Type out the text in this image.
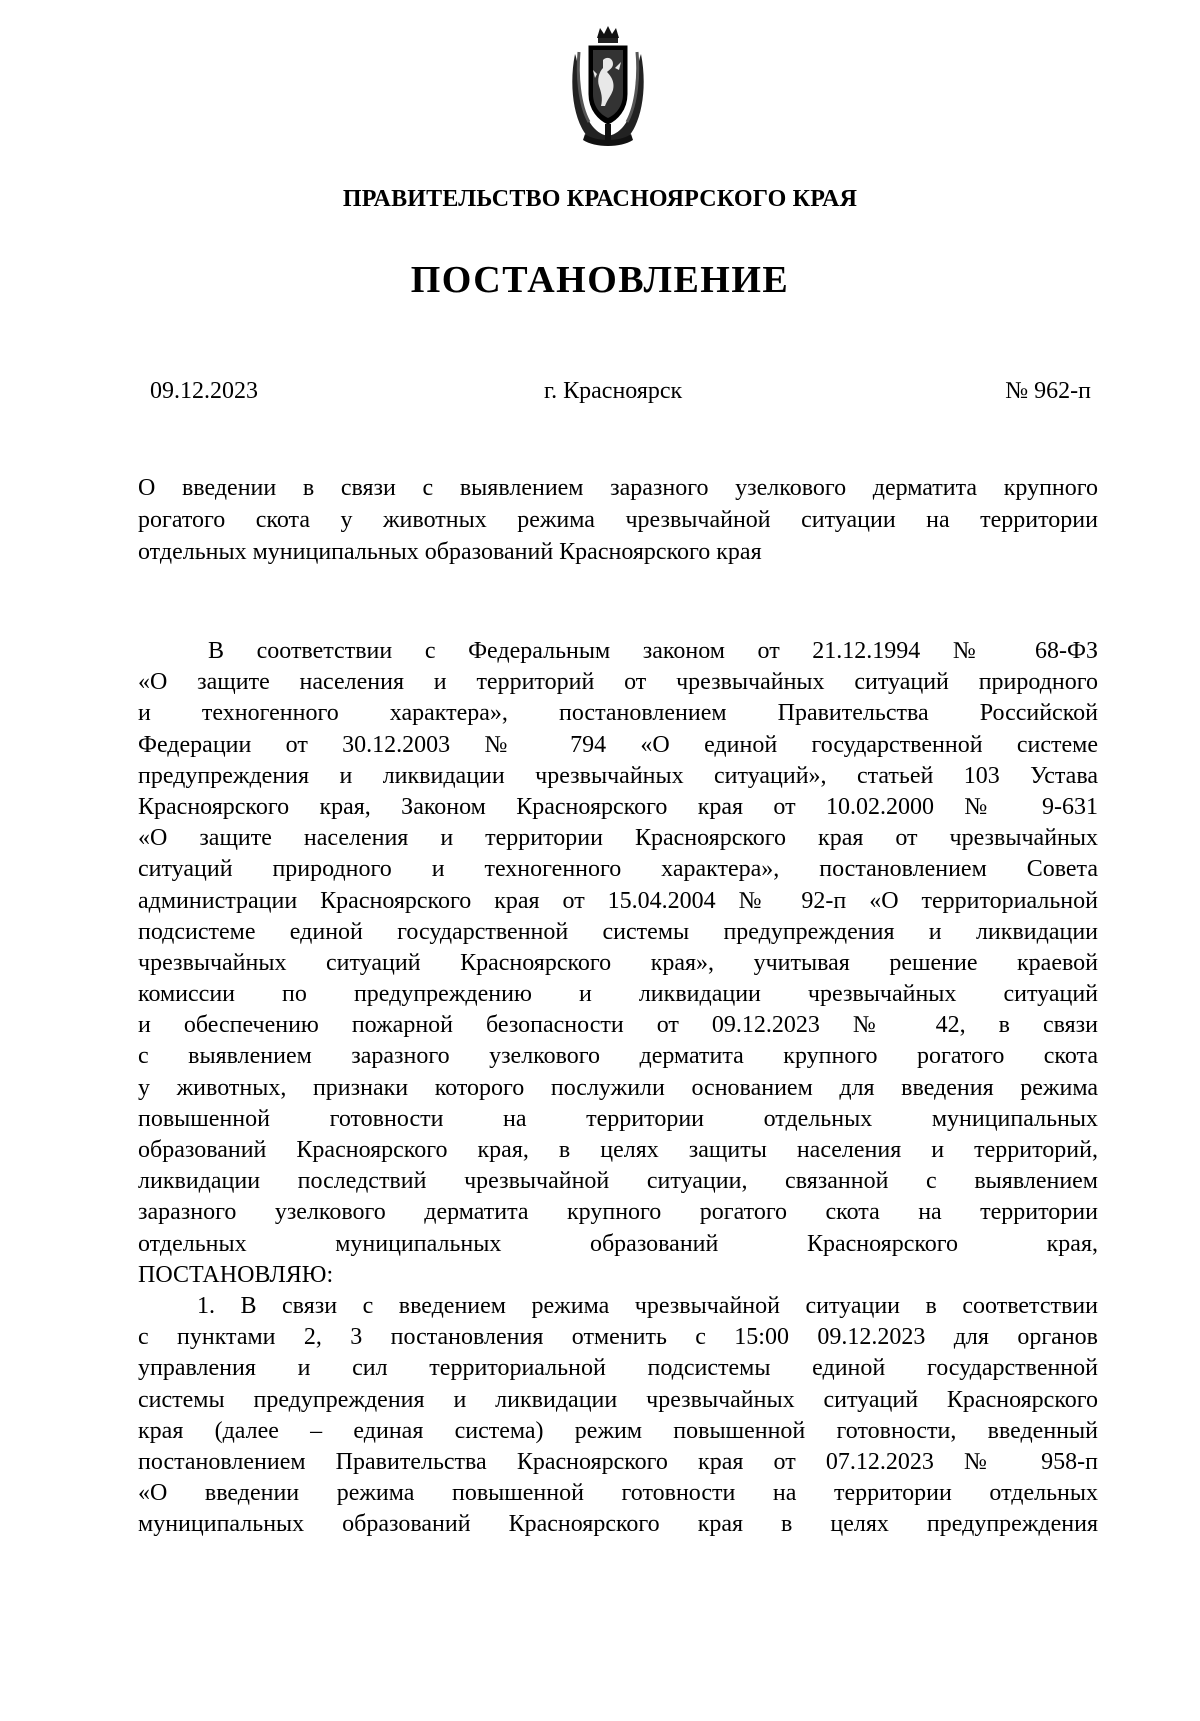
ПРАВИТЕЛЬСТВО КРАСНОЯРСКОГО КРАЯ
ПОСТАНОВЛЕНИЕ
09.12.2023	г. Красноярск	№ 962-п
О введении в связи с выявлением заразного узелкового дерматита крупного
рогатого скота у животных режима чрезвычайной ситуации на территории
отдельных муниципальных образований Красноярского края
В соответствии с Федеральным законом от 21.12.1994 № 68-ФЗ
«О защите населения и территорий от чрезвычайных ситуаций природного
и техногенного характера», постановлением Правительства Российской
Федерации от 30.12.2003 № 794 «О единой государственной системе
предупреждения и ликвидации чрезвычайных ситуаций», статьей 103 Устава
Красноярского края, Законом Красноярского края от 10.02.2000 № 9-631
«О защите населения и территории Красноярского края от чрезвычайных
ситуаций природного и техногенного характера», постановлением Совета
администрации Красноярского края от 15.04.2004 № 92-п «О территориальной
подсистеме единой государственной системы предупреждения и ликвидации
чрезвычайных ситуаций Красноярского края», учитывая решение краевой
комиссии по предупреждению и ликвидации чрезвычайных ситуаций
и обеспечению пожарной безопасности от 09.12.2023 № 42, в связи
с выявлением заразного узелкового дерматита крупного рогатого скота
у животных, признаки которого послужили основанием для введения режима
повышенной готовности на территории отдельных муниципальных
образований Красноярского края, в целях защиты населения и территорий,
ликвидации последствий чрезвычайной ситуации, связанной с выявлением
заразного узелкового дерматита крупного рогатого скота на территории
отдельных муниципальных образований Красноярского края,
ПОСТАНОВЛЯЮ:
1. В связи с введением режима чрезвычайной ситуации в соответствии
с пунктами 2, 3 постановления отменить с 15:00 09.12.2023 для органов
управления и сил территориальной подсистемы единой государственной
системы предупреждения и ликвидации чрезвычайных ситуаций Красноярского
края (далее – единая система) режим повышенной готовности, введенный
постановлением Правительства Красноярского края от 07.12.2023 № 958-п
«О введении режима повышенной готовности на территории отдельных
муниципальных образований Красноярского края в целях предупреждения
